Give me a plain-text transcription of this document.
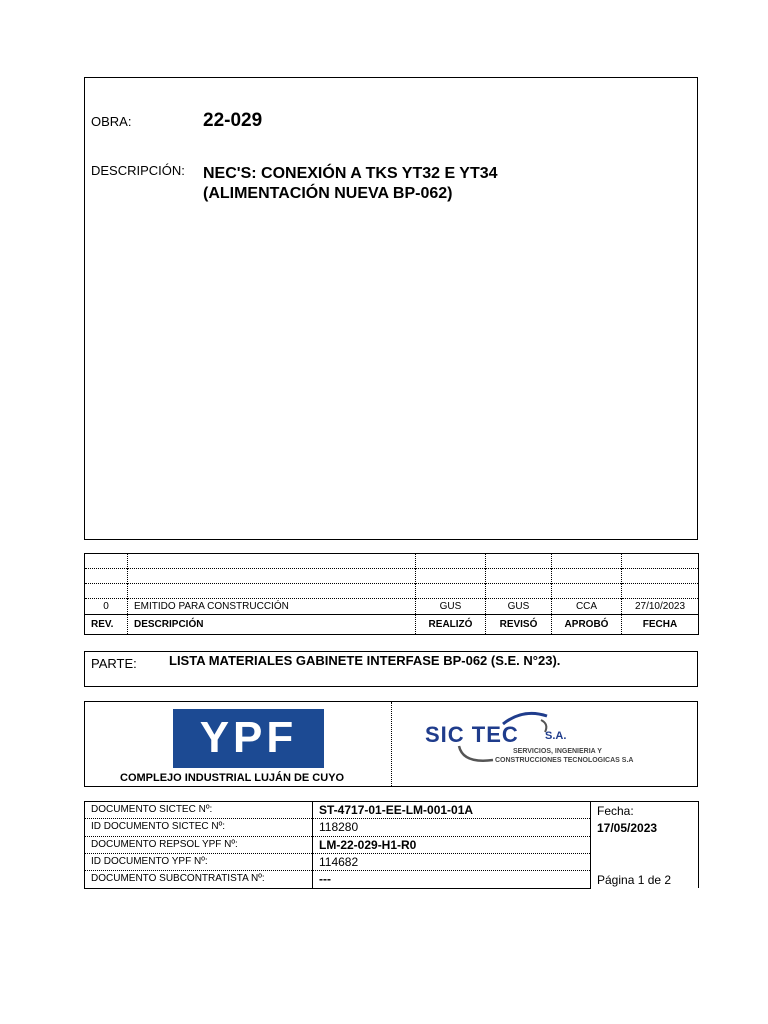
OBRA:	22-029
DESCRIPCIÓN: NEC'S: CONEXIÓN A TKS YT32 E YT34
(ALIMENTACIÓN NUEVA BP-062)

0	EMITIDO PARA CONSTRUCCIÓN	GUS	GUS	CCA	27/10/2023
REV.	DESCRIPCIÓN	REALIZÓ	REVISÓ	APROBÓ	FECHA
PARTE: LISTA MATERIALES GABINETE INTERFASE BP-062 (S.E. N°23).
YPF
COMPLEJO INDUSTRIAL LUJÁN DE CUYO
SIC TEC S.A.
SERVICIOS, INGENIERIA Y
CONSTRUCCIONES TECNOLOGICAS S.A
DOCUMENTO SICTEC Nº:	ST-4717-01-EE-LM-001-01A	Fecha:
17/05/2023
Página 1 de 2

ID DOCUMENTO SICTEC Nº:	118280	
DOCUMENTO REPSOL YPF Nº:	LM-22-029-H1-R0	
ID DOCUMENTO YPF Nº:	114682	
DOCUMENTO SUBCONTRATISTA Nº:	---	
